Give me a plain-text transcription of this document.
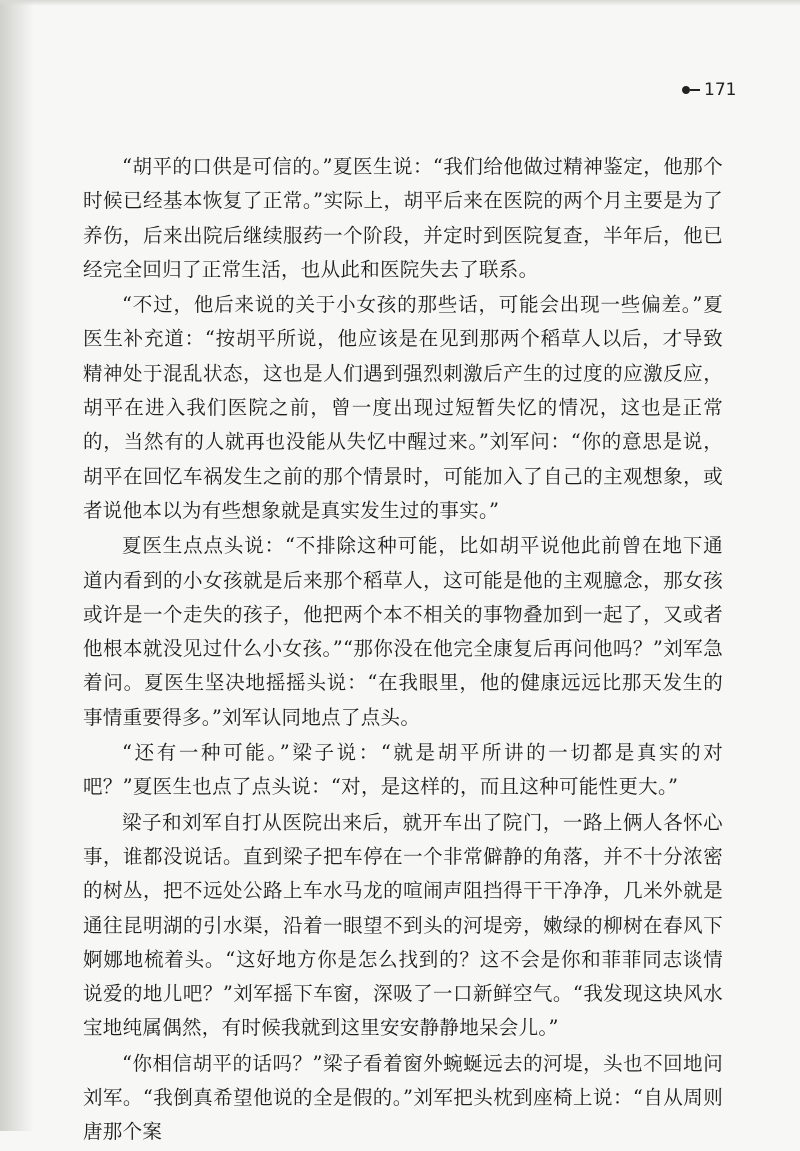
171

“胡平的口供是可信的。”夏医生说：“我们给他做过精神鉴定，他那个时候已经基本恢复了正常。”实际上，胡平后来在医院的两个月主要是为了养伤，后来出院后继续服药一个阶段，并定时到医院复查，半年后，他已经完全回归了正常生活，也从此和医院失去了联系。

“不过，他后来说的关于小女孩的那些话，可能会出现一些偏差。”夏医生补充道：“按胡平所说，他应该是在见到那两个稻草人以后，才导致精神处于混乱状态，这也是人们遇到强烈刺激后产生的过度的应激反应，胡平在进入我们医院之前，曾一度出现过短暂失忆的情况，这也是正常的，当然有的人就再也没能从失忆中醒过来。”刘军问：“你的意思是说，胡平在回忆车祸发生之前的那个情景时，可能加入了自己的主观想象，或者说他本以为有些想象就是真实发生过的事实。”

夏医生点点头说：“不排除这种可能，比如胡平说他此前曾在地下通道内看到的小女孩就是后来那个稻草人，这可能是他的主观臆念，那女孩或许是一个走失的孩子，他把两个本不相关的事物叠加到一起了，又或者他根本就没见过什么小女孩。”“那你没在他完全康复后再问他吗？”刘军急着问。夏医生坚决地摇摇头说：“在我眼里，他的健康远远比那天发生的事情重要得多。”刘军认同地点了点头。

“还有一种可能。”梁子说：“就是胡平所讲的一切都是真实的对吧？”夏医生也点了点头说：“对，是这样的，而且这种可能性更大。”

梁子和刘军自打从医院出来后，就开车出了院门，一路上俩人各怀心事，谁都没说话。直到梁子把车停在一个非常僻静的角落，并不十分浓密的树丛，把不远处公路上车水马龙的喧闹声阻挡得干干净净，几米外就是通往昆明湖的引水渠，沿着一眼望不到头的河堤旁，嫩绿的柳树在春风下婀娜地梳着头。“这好地方你是怎么找到的？这不会是你和菲菲同志谈情说爱的地儿吧？”刘军摇下车窗，深吸了一口新鲜空气。“我发现这块风水宝地纯属偶然，有时候我就到这里安安静静地呆会儿。”

“你相信胡平的话吗？”梁子看着窗外蜿蜒远去的河堤，头也不回地问刘军。“我倒真希望他说的全是假的。”刘军把头枕到座椅上说：“自从周则唐那个案
